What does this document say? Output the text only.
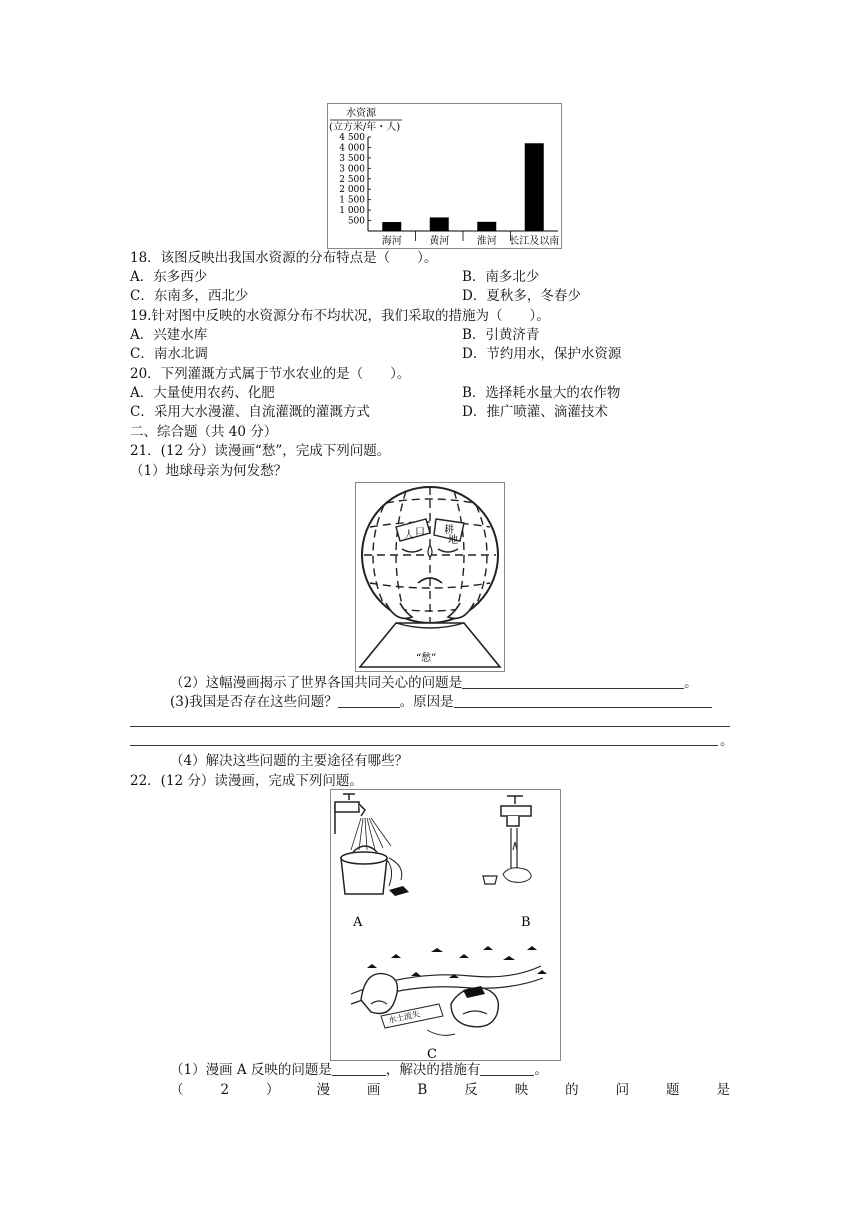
水资源
(立方米/年・人)
4 500
4 000
3 500
3 000
2 500
2 000
1 500
1 000
500
海河	黄河	淮河 长江及以南
18．该图反映出我国水资源的分布特点是（　　）。
A．东多西少	B．南多北少
C．东南多，西北少	D．夏秋多，冬春少
19.针对图中反映的水资源分布不均状况，我们采取的措施为（　　）。
A．兴建水库	B．引黄济青
C．南水北调	D．节约用水，保护水资源
20．下列灌溉方式属于节水农业的是（　　）。
A．大量使用农药、化肥	B．选择耗水量大的农作物
C．采用大水漫灌、自流灌溉的灌溉方式	D．推广喷灌、滴灌技术
二、综合题（共 40 分）
21．(12 分）读漫画“愁”，完成下列问题。
（1）地球母亲为何发愁？
人 口 耕
地
“愁”
（2）这幅漫画揭示了世界各国共同关心的问题是	。
(3)我国是否存在这些问题？	。原因是
。
（4）解决这些问题的主要途径有哪些？
22．(12 分）读漫画，完成下列问题。
A	B
水土流失
C
（1）漫画 A 反映的问题是	，解决的措施有	。
（	2	）	漫	画	B	反	映	的	问	题	是
